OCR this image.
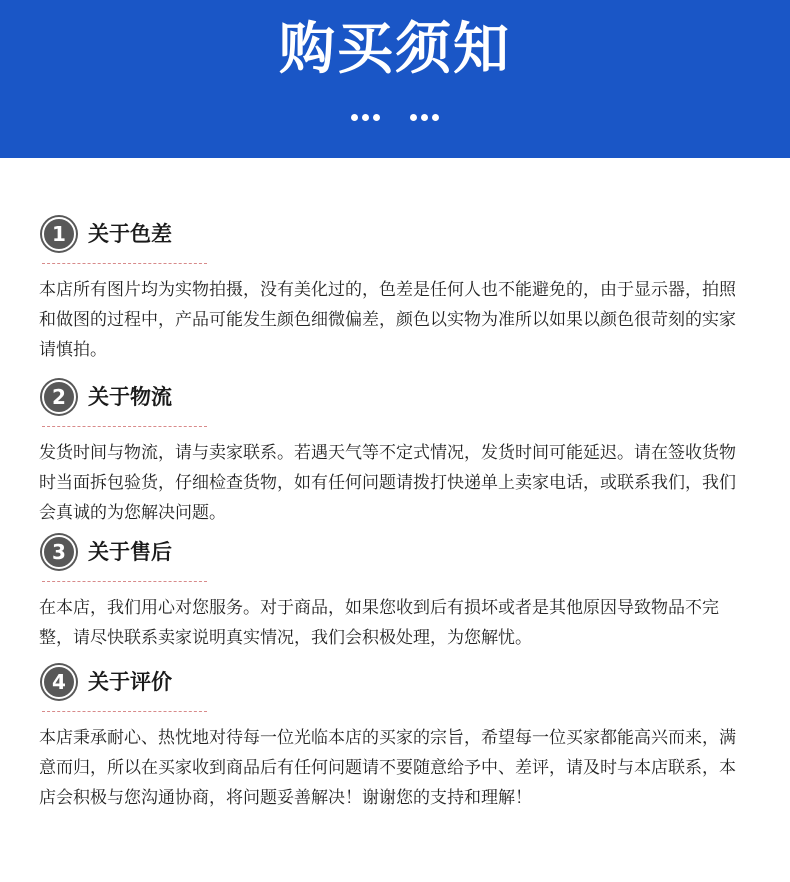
购买须知

1	关于色差
本店所有图片均为实物拍摄，没有美化过的，色差是任何人也不能避免的，由于显示器，拍照和做图的过程中，产品可能发生颜色细微偏差，颜色以实物为准所以如果以颜色很苛刻的实家请慎拍。
2	关于物流
发货时间与物流，请与卖家联系。若遇天气等不定式情况，发货时间可能延迟。请在签收货物时当面拆包验货，仔细检查货物，如有任何问题请拨打快递单上卖家电话，或联系我们，我们会真诚的为您解决问题。
3	关于售后
在本店，我们用心对您服务。对于商品，如果您收到后有损坏或者是其他原因导致物品不完整，请尽快联系卖家说明真实情况，我们会积极处理，为您解忧。
4	关于评价
本店秉承耐心、热忱地对待每一位光临本店的买家的宗旨，希望每一位买家都能高兴而来，满意而归，所以在买家收到商品后有任何问题请不要随意给予中、差评，请及时与本店联系，本店会积极与您沟通协商，将问题妥善解决！谢谢您的支持和理解！
